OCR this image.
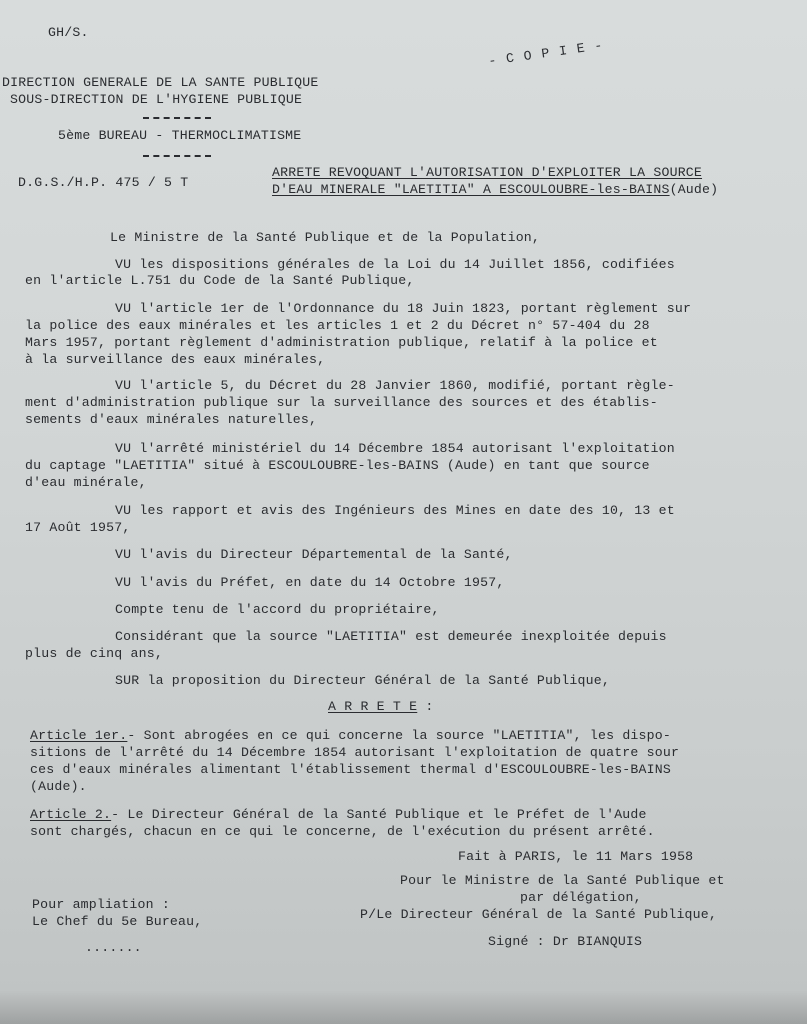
GH/S.
- C O P I E -
DIRECTION GENERALE DE LA SANTE PUBLIQUE
SOUS-DIRECTION DE L'HYGIENE PUBLIQUE
5ème BUREAU - THERMOCLIMATISME
D.G.S./H.P. 475 / 5 T
ARRETE REVOQUANT L'AUTORISATION D'EXPLOITER LA SOURCE
D'EAU MINERALE "LAETITIA" A ESCOULOUBRE-les-BAINS(Aude)
Le Ministre de la Santé Publique et de la Population,
VU les dispositions générales de la Loi du 14 Juillet 1856, codifiées
en l'article L.751 du Code de la Santé Publique,
VU l'article 1er de l'Ordonnance du 18 Juin 1823, portant règlement sur
la police des eaux minérales et les articles 1 et 2 du Décret n° 57-404 du 28
Mars 1957, portant règlement d'administration publique, relatif à la police et
à la surveillance des eaux minérales,
VU l'article 5, du Décret du 28 Janvier 1860, modifié, portant règle-
ment d'administration publique sur la surveillance des sources et des établis-
sements d'eaux minérales naturelles,
VU l'arrêté ministériel du 14 Décembre 1854 autorisant l'exploitation
du captage "LAETITIA" situé à ESCOULOUBRE-les-BAINS (Aude) en tant que source
d'eau minérale,
VU les rapport et avis des Ingénieurs des Mines en date des 10, 13 et
17 Août 1957,
VU l'avis du Directeur Départemental de la Santé,
VU l'avis du Préfet, en date du 14 Octobre 1957,
Compte tenu de l'accord du propriétaire,
Considérant que la source "LAETITIA" est demeurée inexploitée depuis
plus de cinq ans,
SUR la proposition du Directeur Général de la Santé Publique,
A R R E T E :
Article 1er.- Sont abrogées en ce qui concerne la source "LAETITIA", les dispo-
sitions de l'arrêté du 14 Décembre 1854 autorisant l'exploitation de quatre sour
ces d'eaux minérales alimentant l'établissement thermal d'ESCOULOUBRE-les-BAINS
(Aude).
Article 2.- Le Directeur Général de la Santé Publique et le Préfet de l'Aude
sont chargés, chacun en ce qui le concerne, de l'exécution du présent arrêté.
Fait à PARIS, le 11 Mars 1958
Pour le Ministre de la Santé Publique et
par délégation,
P/Le Directeur Général de la Santé Publique,
Signé : Dr BIANQUIS
Pour ampliation :
Le Chef du 5e Bureau,
.......
